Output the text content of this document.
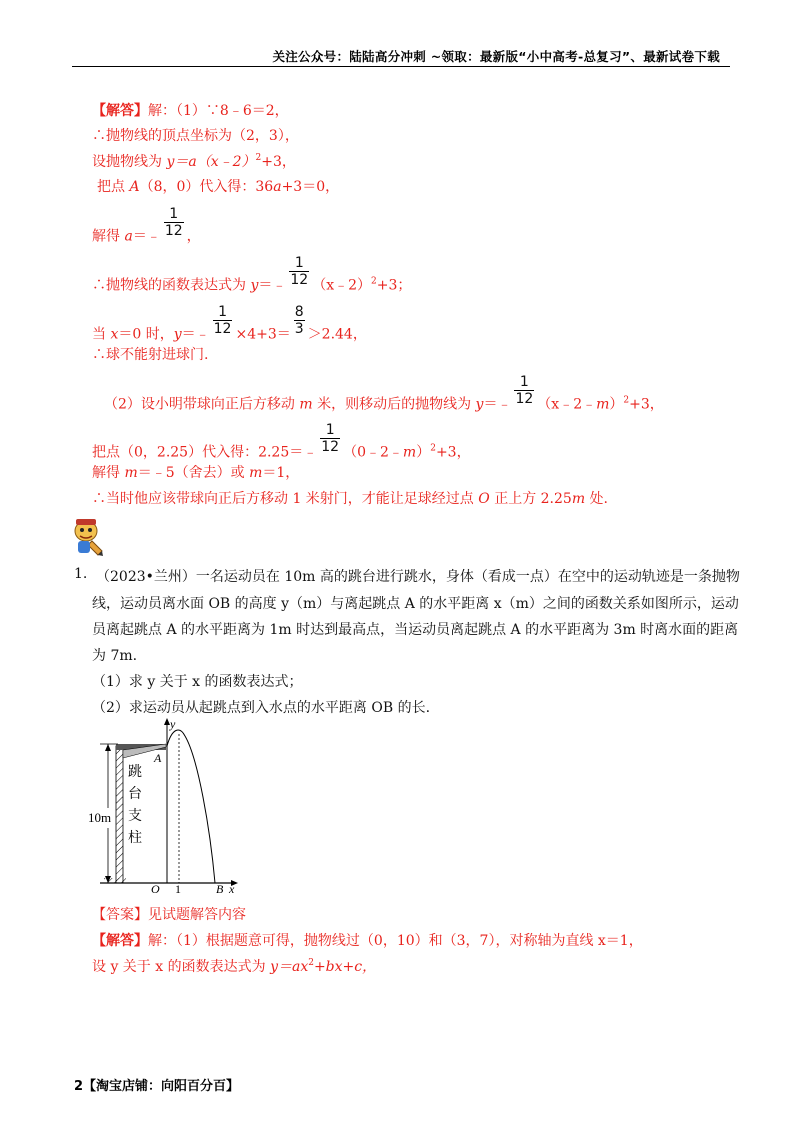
关注公众号：陆陆高分冲刺 ~领取：最新版“小中高考-总复习”、最新试卷下载
【解答】解：（1）∵8﹣6＝2，
∴抛物线的顶点坐标为（2，3），
设抛物线为 y＝a（x﹣2）$^2$+3，
把点 A（8，0）代入得：36a+3＝0，
解得 a＝﹣ $\frac{1}{12}$ ，
∴抛物线的函数表达式为 y＝﹣ $\frac{1}{12}$ （x﹣2）$^2$+3；
当 x＝0 时，y＝﹣ $\frac{1}{12} \times 4+3= \frac{8}{3} >2.44$，
∴球不能射进球门.
（2）设小明带球向正后方移动 m 米，则移动后的抛物线为 y＝﹣ $\frac{1}{12}$ （x﹣2﹣m）$^2$+3，
把点（0，2.25）代入得：2.25＝﹣ $\frac{1}{12}$ （0﹣2﹣m）$^2$+3，
解得 m＝﹣5（舍去）或 m＝1，
∴当时他应该带球向正后方移动 1 米射门，才能让足球经过点 O 正上方 2.25m 处.
1. （2023•兰州）一名运动员在 10m 高的跳台进行跳水，身体（看成一点）在空中的运动轨迹是一条抛物
线，运动员离水面 OB 的高度 y（m）与离起跳点 A 的水平距离 x（m）之间的函数关系如图所示，运动
员离起跳点 A 的水平距离为 1m 时达到最高点，当运动员离起跳点 A 的水平距离为 3m 时离水面的距离
为 7m.
（1）求 y 关于 x 的函数表达式；
（2）求运动员从起跳点到入水点的水平距离 OB 的长.
y
A
10m
O 1	B x
跳
台
支
柱
【答案】见试题解答内容
【解答】解：（1）根据题意可得，抛物线过（0，10）和（3，7），对称轴为直线 x＝1，
设 y 关于 x 的函数表达式为 $y=ax^2+bx+c$，
2【淘宝店铺：向阳百分百】
